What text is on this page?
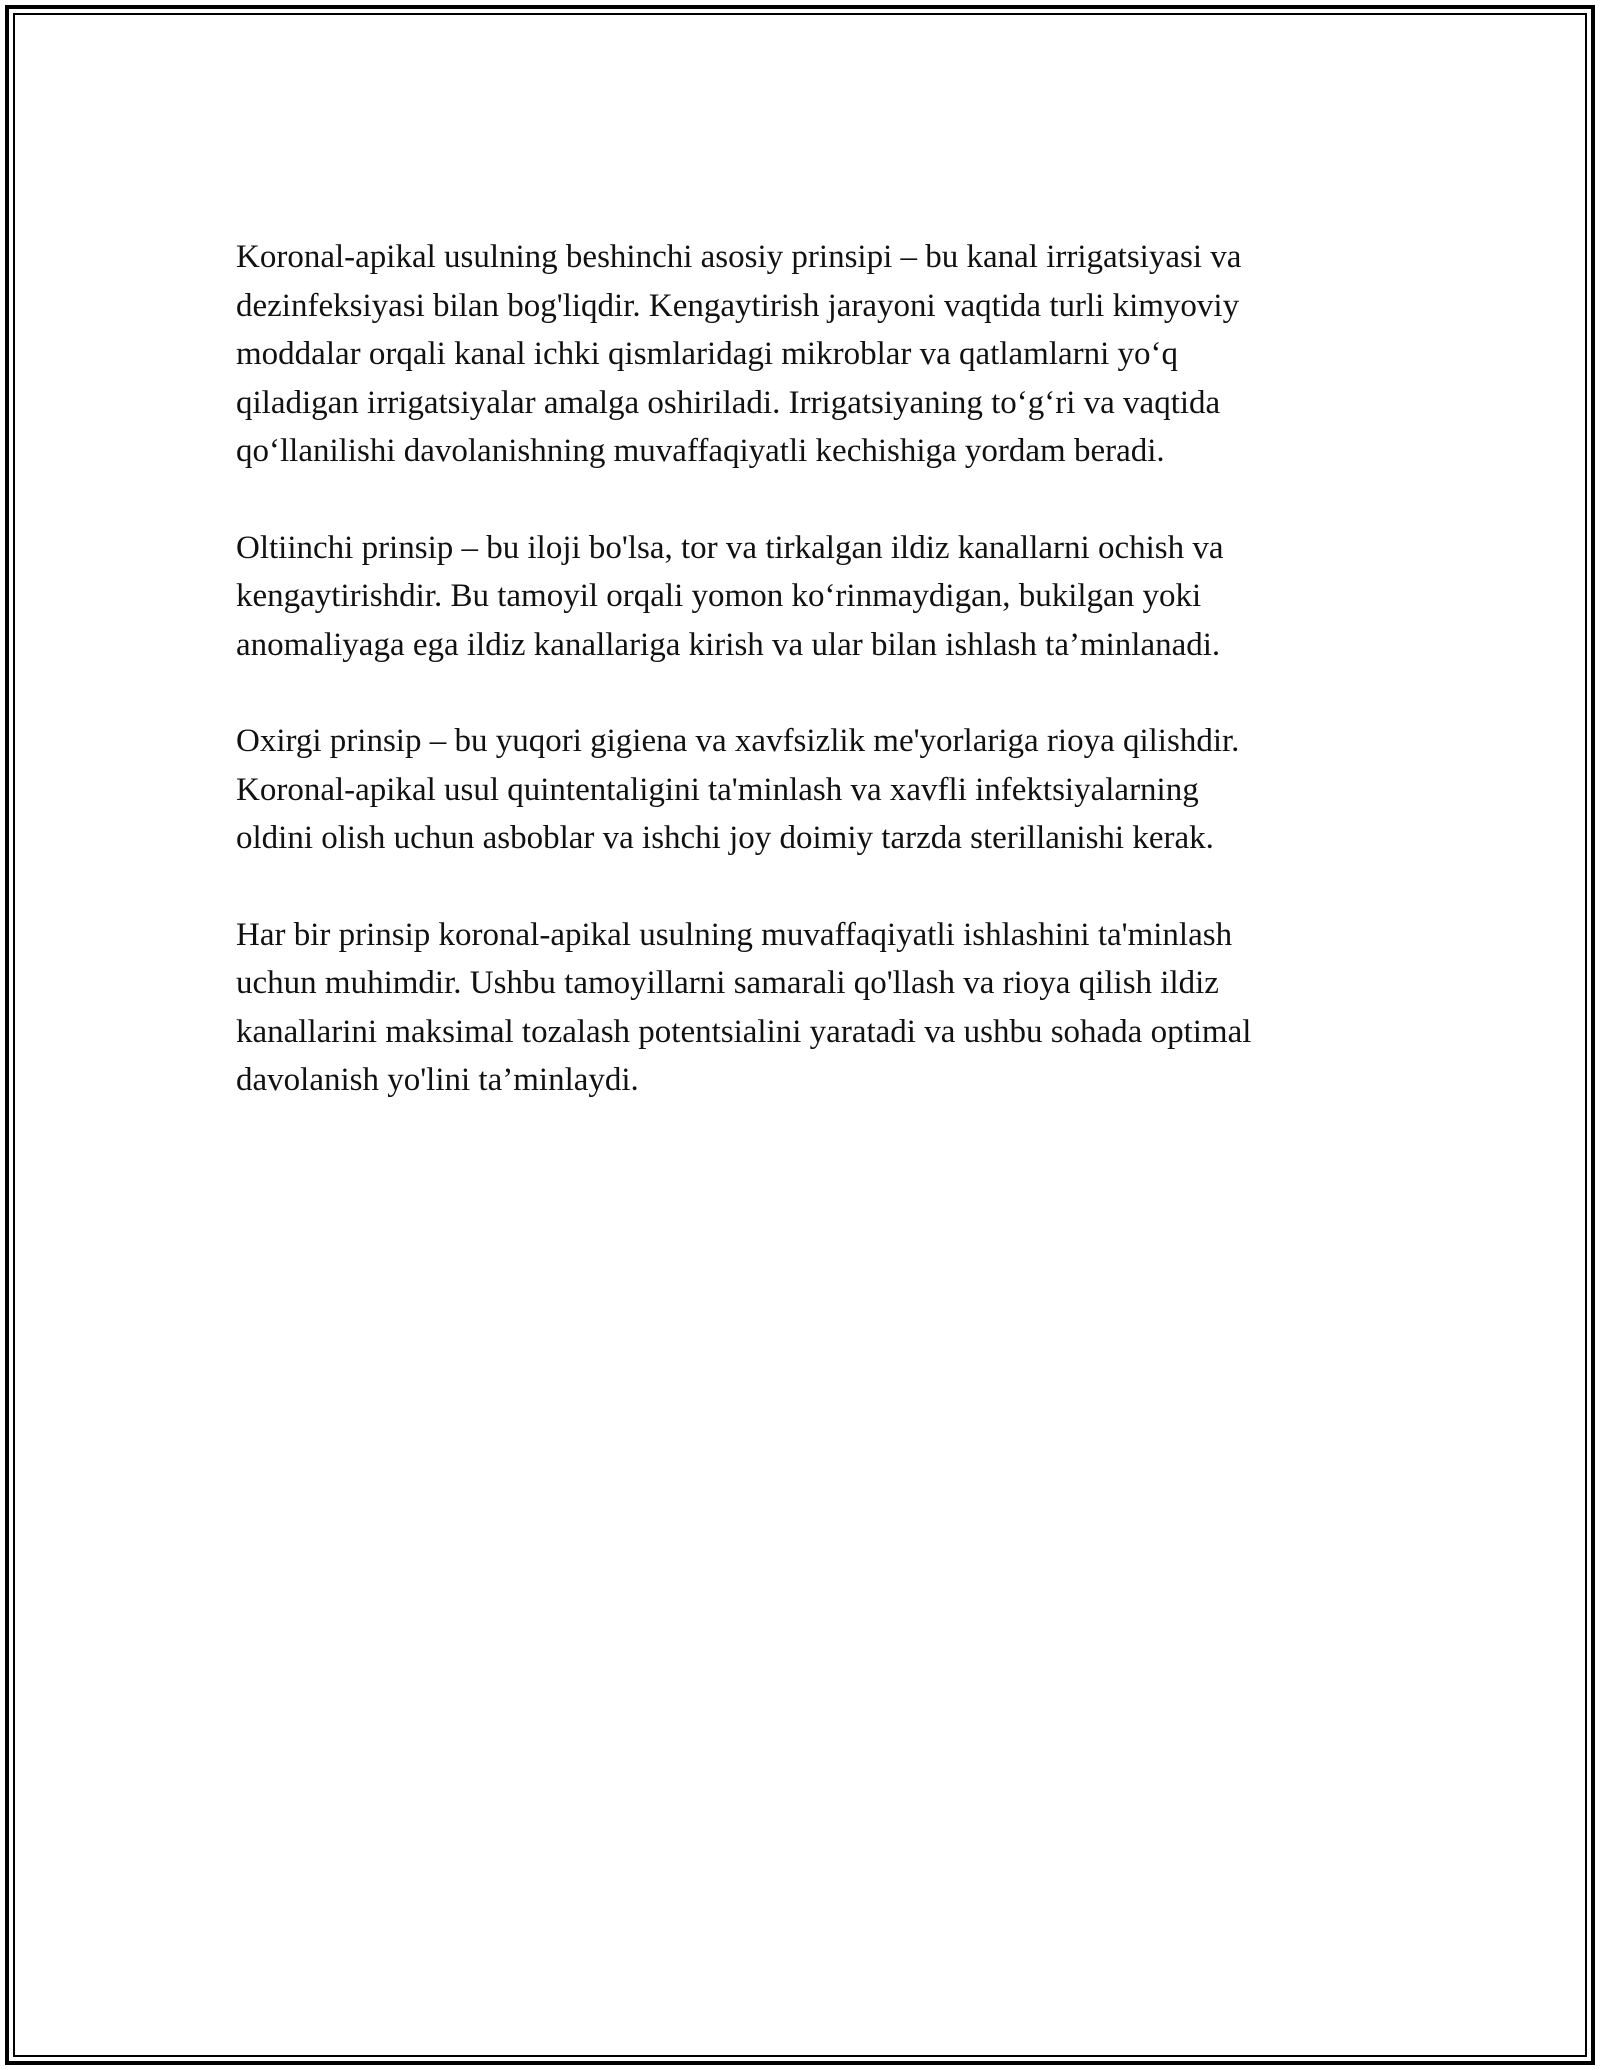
Koronal-apikal usulning beshinchi asosiy prinsipi – bu kanal irrigatsiyasi va
dezinfeksiyasi bilan bog'liqdir. Kengaytirish jarayoni vaqtida turli kimyoviy
moddalar orqali kanal ichki qismlaridagi mikroblar va qatlamlarni yoʻq
qiladigan irrigatsiyalar amalga oshiriladi. Irrigatsiyaning toʻgʻri va vaqtida
qoʻllanilishi davolanishning muvaffaqiyatli kechishiga yordam beradi.

Oltiinchi prinsip – bu iloji bo'lsa, tor va tirkalgan ildiz kanallarni ochish va
kengaytirishdir. Bu tamoyil orqali yomon koʻrinmaydigan, bukilgan yoki
anomaliyaga ega ildiz kanallariga kirish va ular bilan ishlash ta’minlanadi.

Oxirgi prinsip – bu yuqori gigiena va xavfsizlik me'yorlariga rioya qilishdir.
Koronal-apikal usul quintentaligini ta'minlash va xavfli infektsiyalarning
oldini olish uchun asboblar va ishchi joy doimiy tarzda sterillanishi kerak.

Har bir prinsip koronal-apikal usulning muvaffaqiyatli ishlashini ta'minlash
uchun muhimdir. Ushbu tamoyillarni samarali qo'llash va rioya qilish ildiz
kanallarini maksimal tozalash potentsialini yaratadi va ushbu sohada optimal
davolanish yo'lini ta’minlaydi.
